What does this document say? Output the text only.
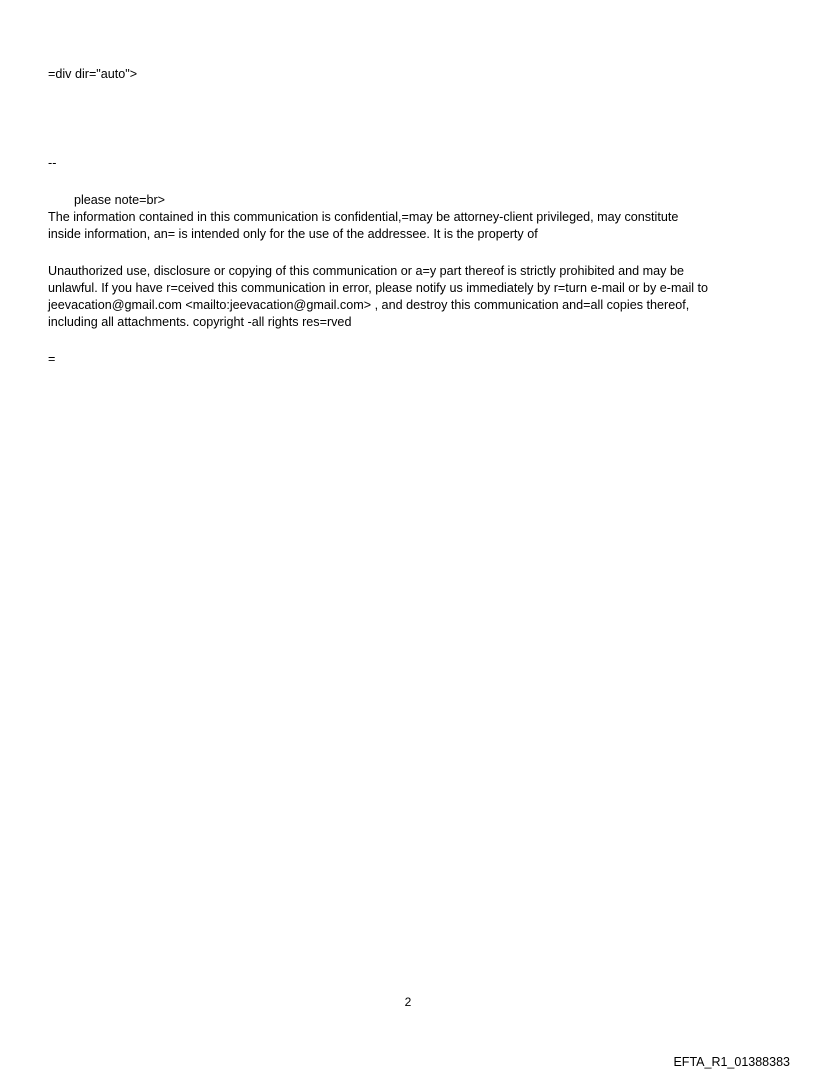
=div dir="auto">

--

please note=br>

The information contained in this communication is confidential,=may be attorney-client privileged, may constitute

inside information, an= is intended only for the use of the addressee. It is the property of

Unauthorized use, disclosure or copying of this communication or a=y part thereof is strictly prohibited and may be

unlawful. If you have r=ceived this communication in error, please notify us immediately by r=turn e-mail or by e-mail to

jeevacation@gmail.com <mailto:jeevacation@gmail.com> , and destroy this communication and=all copies thereof,

including all attachments. copyright -all rights res=rved

=

2

EFTA_R1_01388383
